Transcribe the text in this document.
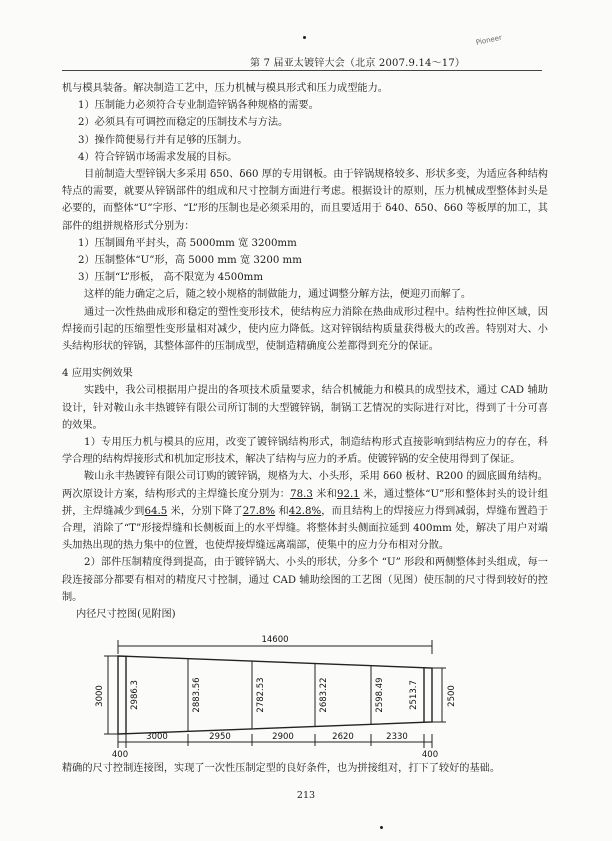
Pioneer
第 7 届亚太镀锌大会（北京 2007.9.14～17）

机与模具装备。解决制造工艺中，压力机械与模具形式和压力成型能力。

1）压制能力必须符合专业制造锌锅各种规格的需要。

2）必须具有可调控而稳定的压制技术与方法。

3）操作简便易行并有足够的压制力。

4）符合锌锅市场需求发展的目标。

目前制造大型锌锅大多采用 δ50、δ60 厚的专用钢板。由于锌锅规格较多、形状多变，为适应各种结构特点的需要，就要从锌锅部件的组成和尺寸控制方面进行考虑。根据设计的原则，压力机械成型整体封头是必要的，而整体“U”字形、“L”形的压制也是必须采用的，而且要适用于 δ40、δ50、δ60 等板厚的加工，其部件的组拼规格形式分别为：

1）压制圆角平封头，高 5000mm 宽 3200mm

2）压制整体“U”形，高 5000 mm 宽 3200 mm

3）压制“L”形板， 高不限宽为 4500mm

这样的能力确定之后，随之较小规格的制做能力，通过调整分解方法，便迎刃而解了。

通过一次性热曲成形和稳定的塑性变形技术，使结构应力消除在热曲成形过程中。结构性拉伸区域，因焊接而引起的压缩塑性变形量相对减少，使内应力降低。这对锌锅结构质量获得极大的改善。特别对大、小头结构形状的锌锅，其整体部件的压制成型，使制造精确度公差都得到充分的保证。

4 应用实例效果

实践中，我公司根据用户提出的各项技术质量要求，结合机械能力和模具的成型技术，通过 CAD 辅助设计，针对鞍山永丰热镀锌有限公司所订制的大型镀锌锅，制锅工艺情况的实际进行对比，得到了十分可喜的效果。

1）专用压力机与模具的应用，改变了镀锌锅结构形式，制造结构形式直接影响到结构应力的存在，科学合理的结构焊接形式和机加定形技术，解决了结构与应力的矛盾。使镀锌锅的安全使用得到了保证。

鞍山永丰热镀锌有限公司订购的镀锌锅，规格为大、小头形，采用 δ60 板材、R200 的圆底圆角结构。两次原设计方案，结构形式的主焊缝长度分别为：78.3 米和92.1 米，通过整体“U”形和整体封头的设计组拼，主焊缝减少到64.5 米，分别下降了27.8% 和42.8%，而且结构上的焊接应力得到减弱，焊缝布置趋于合理，消除了“T”形接焊缝和长侧板面上的水平焊缝。将整体封头侧面拉延到 400mm 处，解决了用户对端头加热出现的热力集中的位置，也使焊接焊缝远离端部，使集中的应力分布相对分散。

2）部件压制精度得到提高，由于镀锌锅大、小头的形状，分多个 “U” 形段和两侧整体封头组成，每一段连接部分都要有相对的精度尺寸控制，通过 CAD 辅助绘图的工艺图（见图）使压制的尺寸得到较好的控制。

内径尺寸控图(见附图)

14600
3000	2500
2986.3	2883.56	2782.53	2683.22	2598.49	2513.7
3000	2950	2900	2620	2330
400	400
精确的尺寸控制连接图，实现了一次性压制定型的良好条件，也为拼接组对，打下了较好的基础。
213
